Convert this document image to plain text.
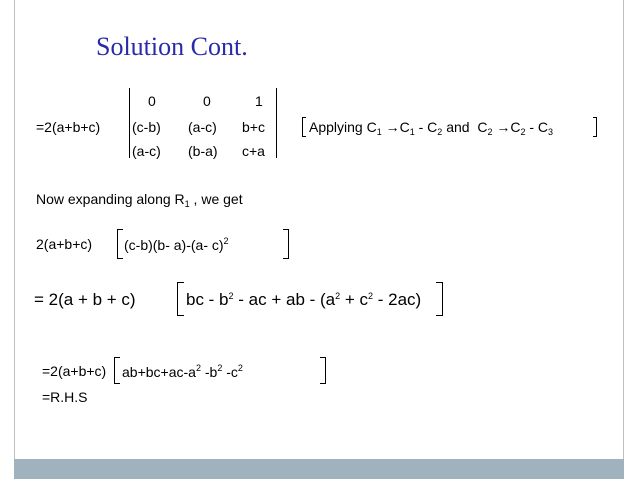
Solution Cont.
=2(a+b+c)
0	0	1
(c-b) (a-c) b+c
(a-c) (b-a) c+a
Applying $C_1 \to C_1 - C_2$ and  $C_2 \to C_2 - C_3$
Now expanding along $R_1$ , we get
2(a+b+c) (c-b)(b- a)-(a- c)$^2$
= 2(a + b + c)	bc - $b^2$ - ac + ab - $(a^2 + c^2 - 2ac)$
=2(a+b+c) $ab+bc+ac-a^2$ $-b^2$ $-c^2$
=R.H.S
